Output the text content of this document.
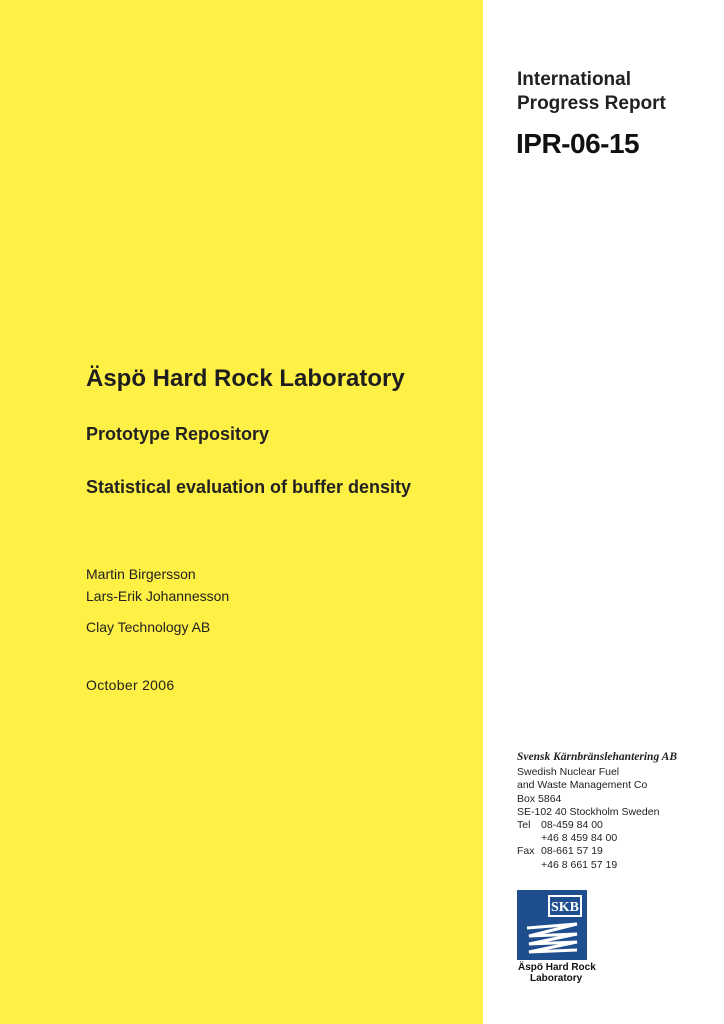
International
Progress Report
IPR-06-15
Äspö Hard Rock Laboratory
Prototype Repository
Statistical evaluation of buffer density
Martin Birgersson
Lars-Erik Johannesson
Clay Technology AB
October 2006
Svensk Kärnbränslehantering AB
Swedish Nuclear Fuel
and Waste Management Co
Box 5864
SE-102 40 Stockholm Sweden
Tel	08-459 84 00
+46 8 459 84 00
Fax 08-661 57 19
+46 8 661 57 19
SKB
Äspö Hard Rock
Laboratory
